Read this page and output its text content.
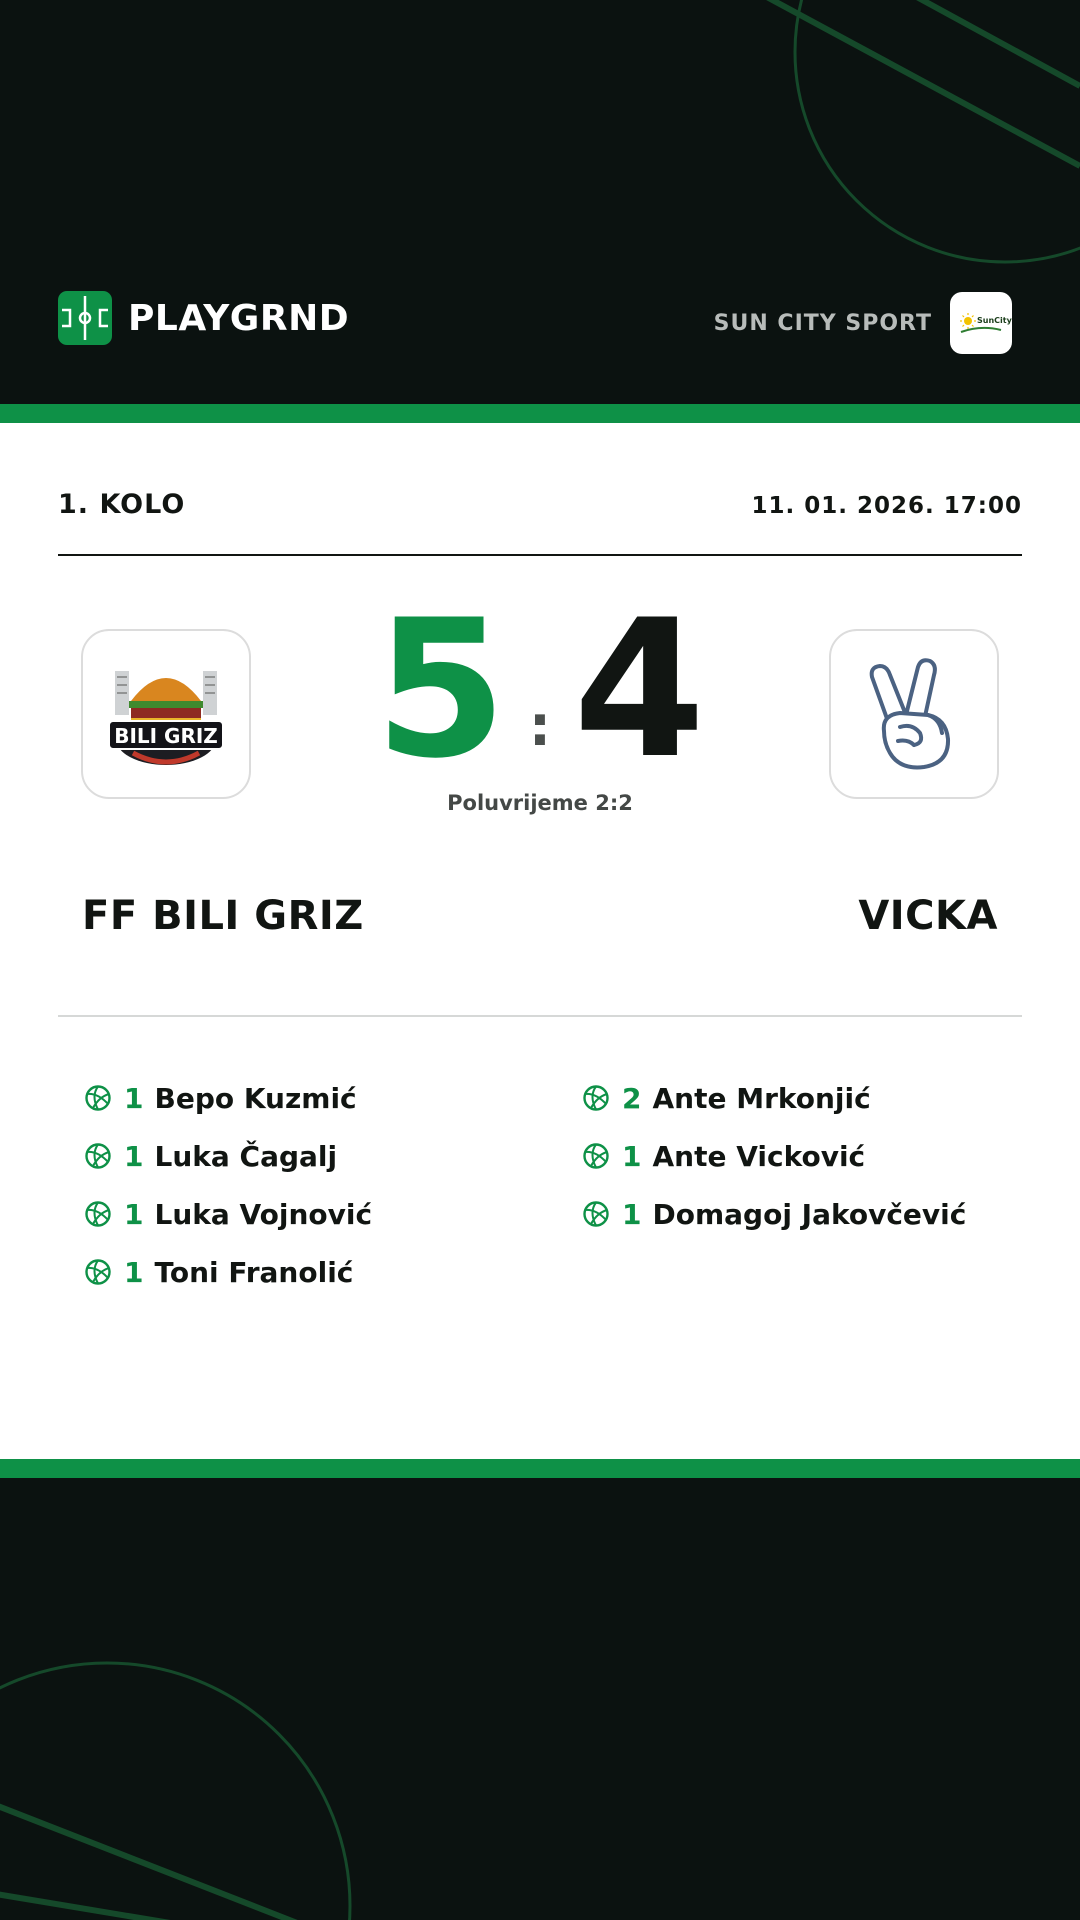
PLAYGRND	SUN CITY SPORT	SunCity
1. KOLO	11. 01. 2026. 17:00
BILI GRIZ 5 : 4
Poluvrijeme 2:2
FF BILI GRIZ	VICKA
1 Bepo Kuzmić
1 Luka Čagalj
1 Luka Vojnović
1 Toni Franolić
2 Ante Mrkonjić
1 Ante Vicković
1 Domagoj Jakovčević
